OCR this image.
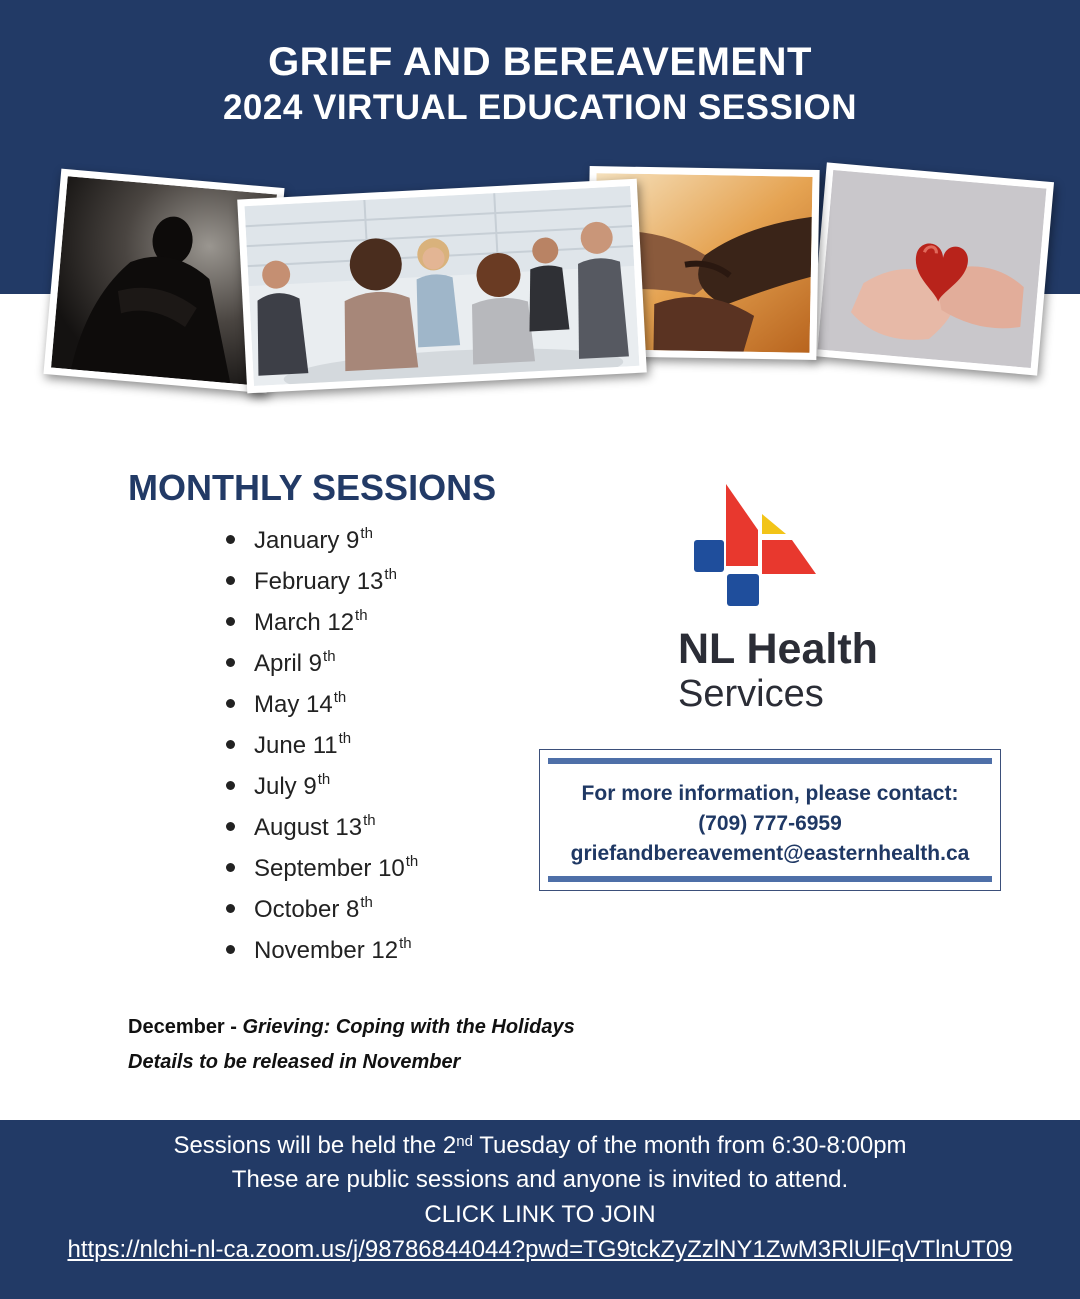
GRIEF AND BEREAVEMENT
2024 VIRTUAL EDUCATION SESSION
MONTHLY SESSIONS
January 9th
February 13th
March 12th
April 9th
May 14th
June 11th
July 9th
August 13th
September 10th
October 8th
November 12th
December - Grieving: Coping with the Holidays
Details to be released in November
NL Health
Services
For more information, please contact:
(709) 777-6959
griefandbereavement@easternhealth.ca
Sessions will be held the 2nd Tuesday of the month from 6:30-8:00pm
These are public sessions and anyone is invited to attend.
CLICK LINK TO JOIN
https://nlchi-nl-ca.zoom.us/j/98786844044?pwd=TG9tckZyZzlNY1ZwM3RlUlFqVTlnUT09
